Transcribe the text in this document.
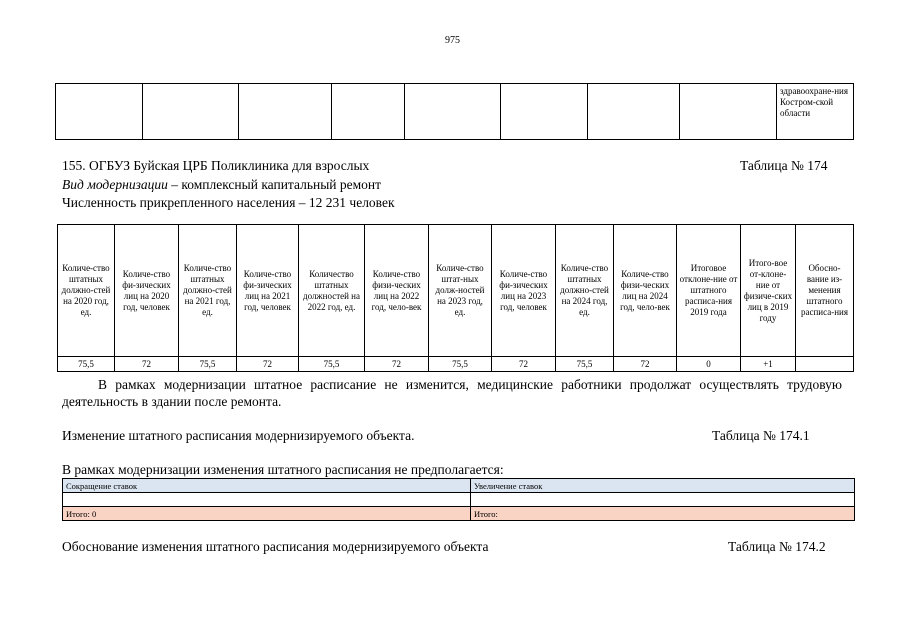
975

здравоохране-ния Костром-ской области
155. ОГБУЗ Буйская ЦРБ Поликлиника для взрослых	Таблица № 174
Вид модернизации – комплексный капитальный ремонт
Численность прикрепленного населения – 12 231 человек
Количе-ство штатных должно-стей на 2020 год, ед.	Количе-ство фи-зических лиц на 2020 год, человек	Количе-ство штатных должно-стей на 2021 год, ед.	Количе-ство фи-зических лиц на 2021 год, человек	Количество штатных должностей на 2022 год, ед.	Количе-ство физи-ческих лиц на 2022 год, чело-век	Количе-ство штат-ных долж-ностей на 2023 год, ед.	Количе-ство фи-зических лиц на 2023 год, человек	Количе-ство штатных должно-стей на 2024 год, ед.	Количе-ство физи-ческих лиц на 2024 год, чело-век	Итоговое отклоне-ние от штатного расписа-ния 2019 года	Итого-вое от-клоне-ние от физиче-ских лиц в 2019 году	Обосно-вание из-менения штатного расписа-ния
75,5	72	75,5	72	75,5	72	75,5	72	75,5	72	0	+1	
В рамках модернизации штатное расписание не изменится, медицинские работники продолжат осуществлять трудовую деятельность в здании после ремонта.
Изменение штатного расписания модернизируемого объекта.	Таблица № 174.1
В рамках модернизации изменения штатного расписания не предполагается:
Сокращение ставок	Увеличение ставок

Итого: 0	Итого:
Обоснование изменения штатного расписания модернизируемого объекта	Таблица № 174.2
